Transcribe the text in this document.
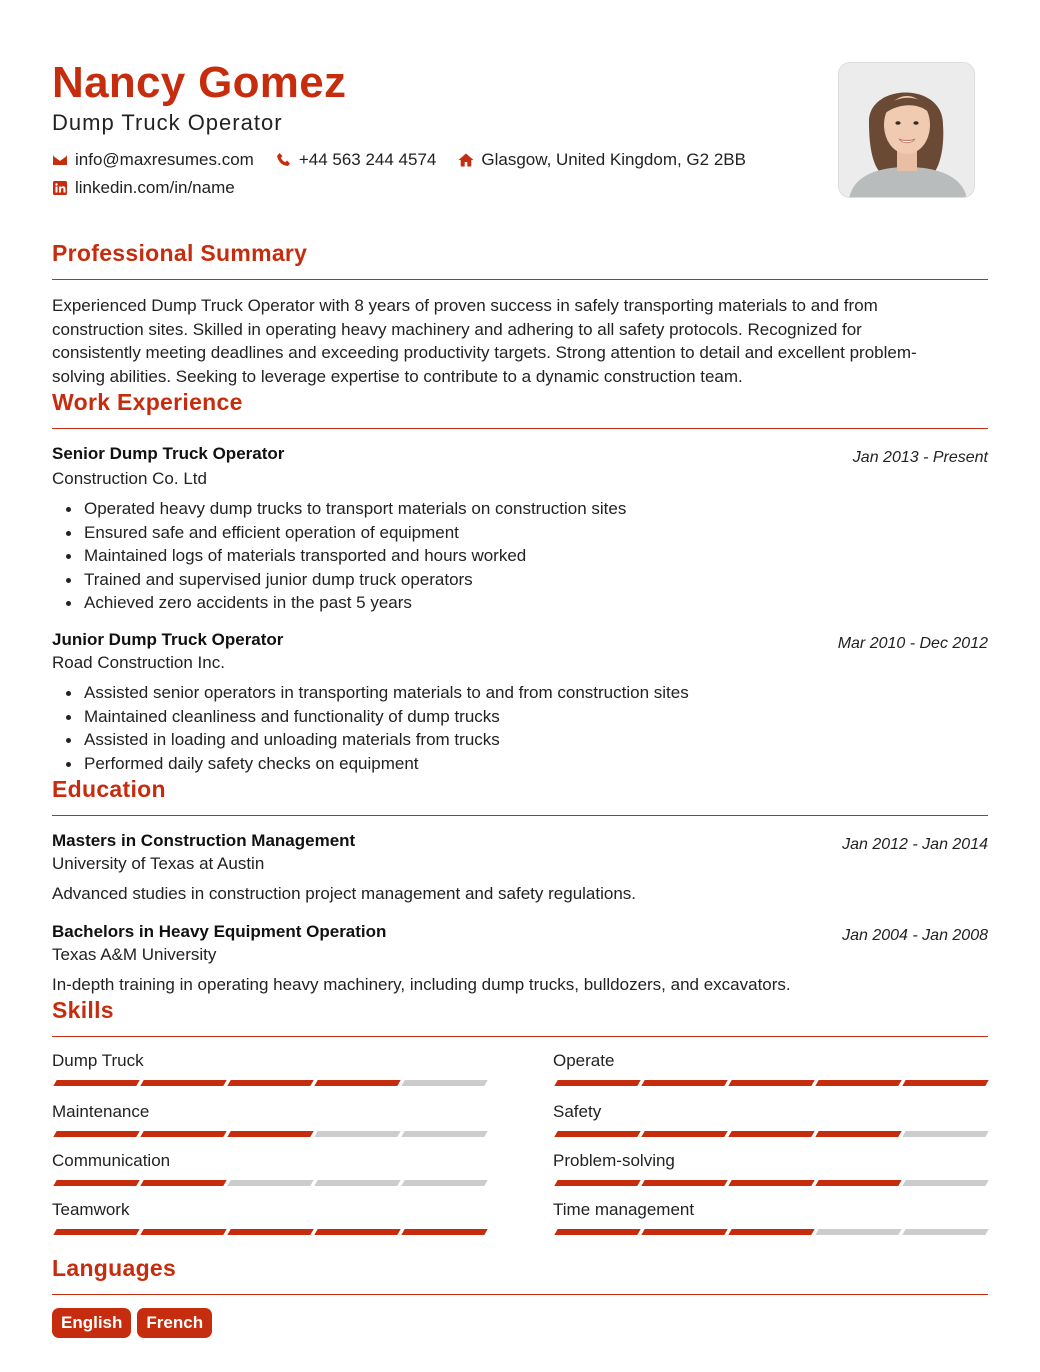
Nancy Gomez
Dump Truck Operator
info@maxresumes.com	+44 563 244 4574	Glasgow, United Kingdom, G2 2BB
linkedin.com/in/name
Professional Summary
Experienced Dump Truck Operator with 8 years of proven success in safely transporting materials to and from
construction sites. Skilled in operating heavy machinery and adhering to all safety protocols. Recognized for
consistently meeting deadlines and exceeding productivity targets. Strong attention to detail and excellent problem-
solving abilities. Seeking to leverage expertise to contribute to a dynamic construction team.
Work Experience
Senior Dump Truck Operator	Jan 2013 - Present
Construction Co. Ltd
Operated heavy dump trucks to transport materials on construction sites
Ensured safe and efficient operation of equipment
Maintained logs of materials transported and hours worked
Trained and supervised junior dump truck operators
Achieved zero accidents in the past 5 years
Junior Dump Truck Operator	Mar 2010 - Dec 2012
Road Construction Inc.
Assisted senior operators in transporting materials to and from construction sites
Maintained cleanliness and functionality of dump trucks
Assisted in loading and unloading materials from trucks
Performed daily safety checks on equipment
Education
Masters in Construction Management	Jan 2012 - Jan 2014
University of Texas at Austin
Advanced studies in construction project management and safety regulations.
Bachelors in Heavy Equipment Operation	Jan 2004 - Jan 2008
Texas A&M University
In-depth training in operating heavy machinery, including dump trucks, bulldozers, and excavators.
Skills
Dump Truck	Operate
Maintenance	Safety
Communication	Problem-solving
Teamwork	Time management
Languages
English	French
